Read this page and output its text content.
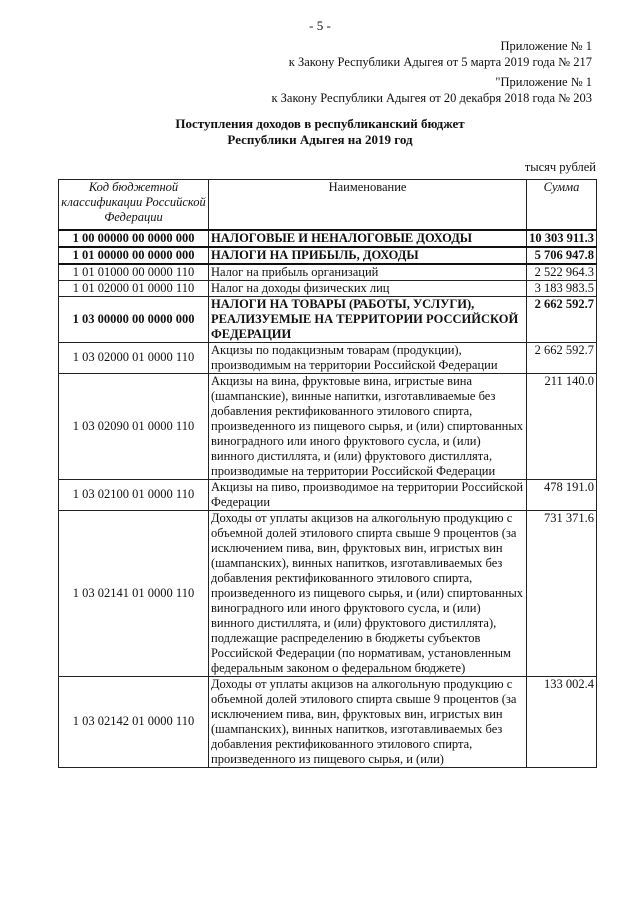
- 5 -
Приложение № 1
к Закону Республики Адыгея от 5 марта 2019 года № 217
"Приложение № 1
к Закону Республики Адыгея от 20 декабря 2018 года № 203
Поступления доходов в республиканский бюджет
Республики Адыгея на 2019 год
тысяч рублей
Код бюджетной классификации Российской Федерации	Наименование	Сумма
1 00 00000 00 0000 000	НАЛОГОВЫЕ И НЕНАЛОГОВЫЕ ДОХОДЫ	10 303 911.3
1 01 00000 00 0000 000	НАЛОГИ НА ПРИБЫЛЬ, ДОХОДЫ	5 706 947.8
1 01 01000 00 0000 110	Налог на прибыль организаций	2 522 964.3
1 01 02000 01 0000 110	Налог на доходы физических лиц	3 183 983.5
1 03 00000 00 0000 000	НАЛОГИ НА ТОВАРЫ (РАБОТЫ, УСЛУГИ), РЕАЛИЗУЕМЫЕ НА ТЕРРИТОРИИ РОССИЙСКОЙ ФЕДЕРАЦИИ	2 662 592.7
1 03 02000 01 0000 110	Акцизы по подакцизным товарам (продукции), производимым на территории Российской Федерации	2 662 592.7
1 03 02090 01 0000 110	Акцизы на вина, фруктовые вина, игристые вина (шампанские), винные напитки, изготавливаемые без добавления ректификованного этилового спирта, произведенного из пищевого сырья, и (или) спиртованных виноградного или иного фруктового сусла, и (или) винного дистиллята, и (или) фруктового дистиллята, производимые на территории Российской Федерации	211 140.0
1 03 02100 01 0000 110	Акцизы на пиво, производимое на территории Российской Федерации	478 191.0
1 03 02141 01 0000 110	Доходы от уплаты акцизов на алкогольную продукцию с объемной долей этилового спирта свыше 9 процентов (за исключением пива, вин, фруктовых вин, игристых вин (шампанских), винных напитков, изготавливаемых без добавления ректификованного этилового спирта, произведенного из пищевого сырья, и (или) спиртованных виноградного или иного фруктового сусла, и (или) винного дистиллята, и (или) фруктового дистиллята), подлежащие распределению в бюджеты субъектов Российской Федерации (по нормативам, установленным федеральным законом о федеральном бюджете)	731 371.6
1 03 02142 01 0000 110	Доходы от уплаты акцизов на алкогольную продукцию с объемной долей этилового спирта свыше 9 процентов (за исключением пива, вин, фруктовых вин, игристых вин (шампанских), винных напитков, изготавливаемых без добавления ректификованного этилового спирта, произведенного из пищевого сырья, и (или)	133 002.4
